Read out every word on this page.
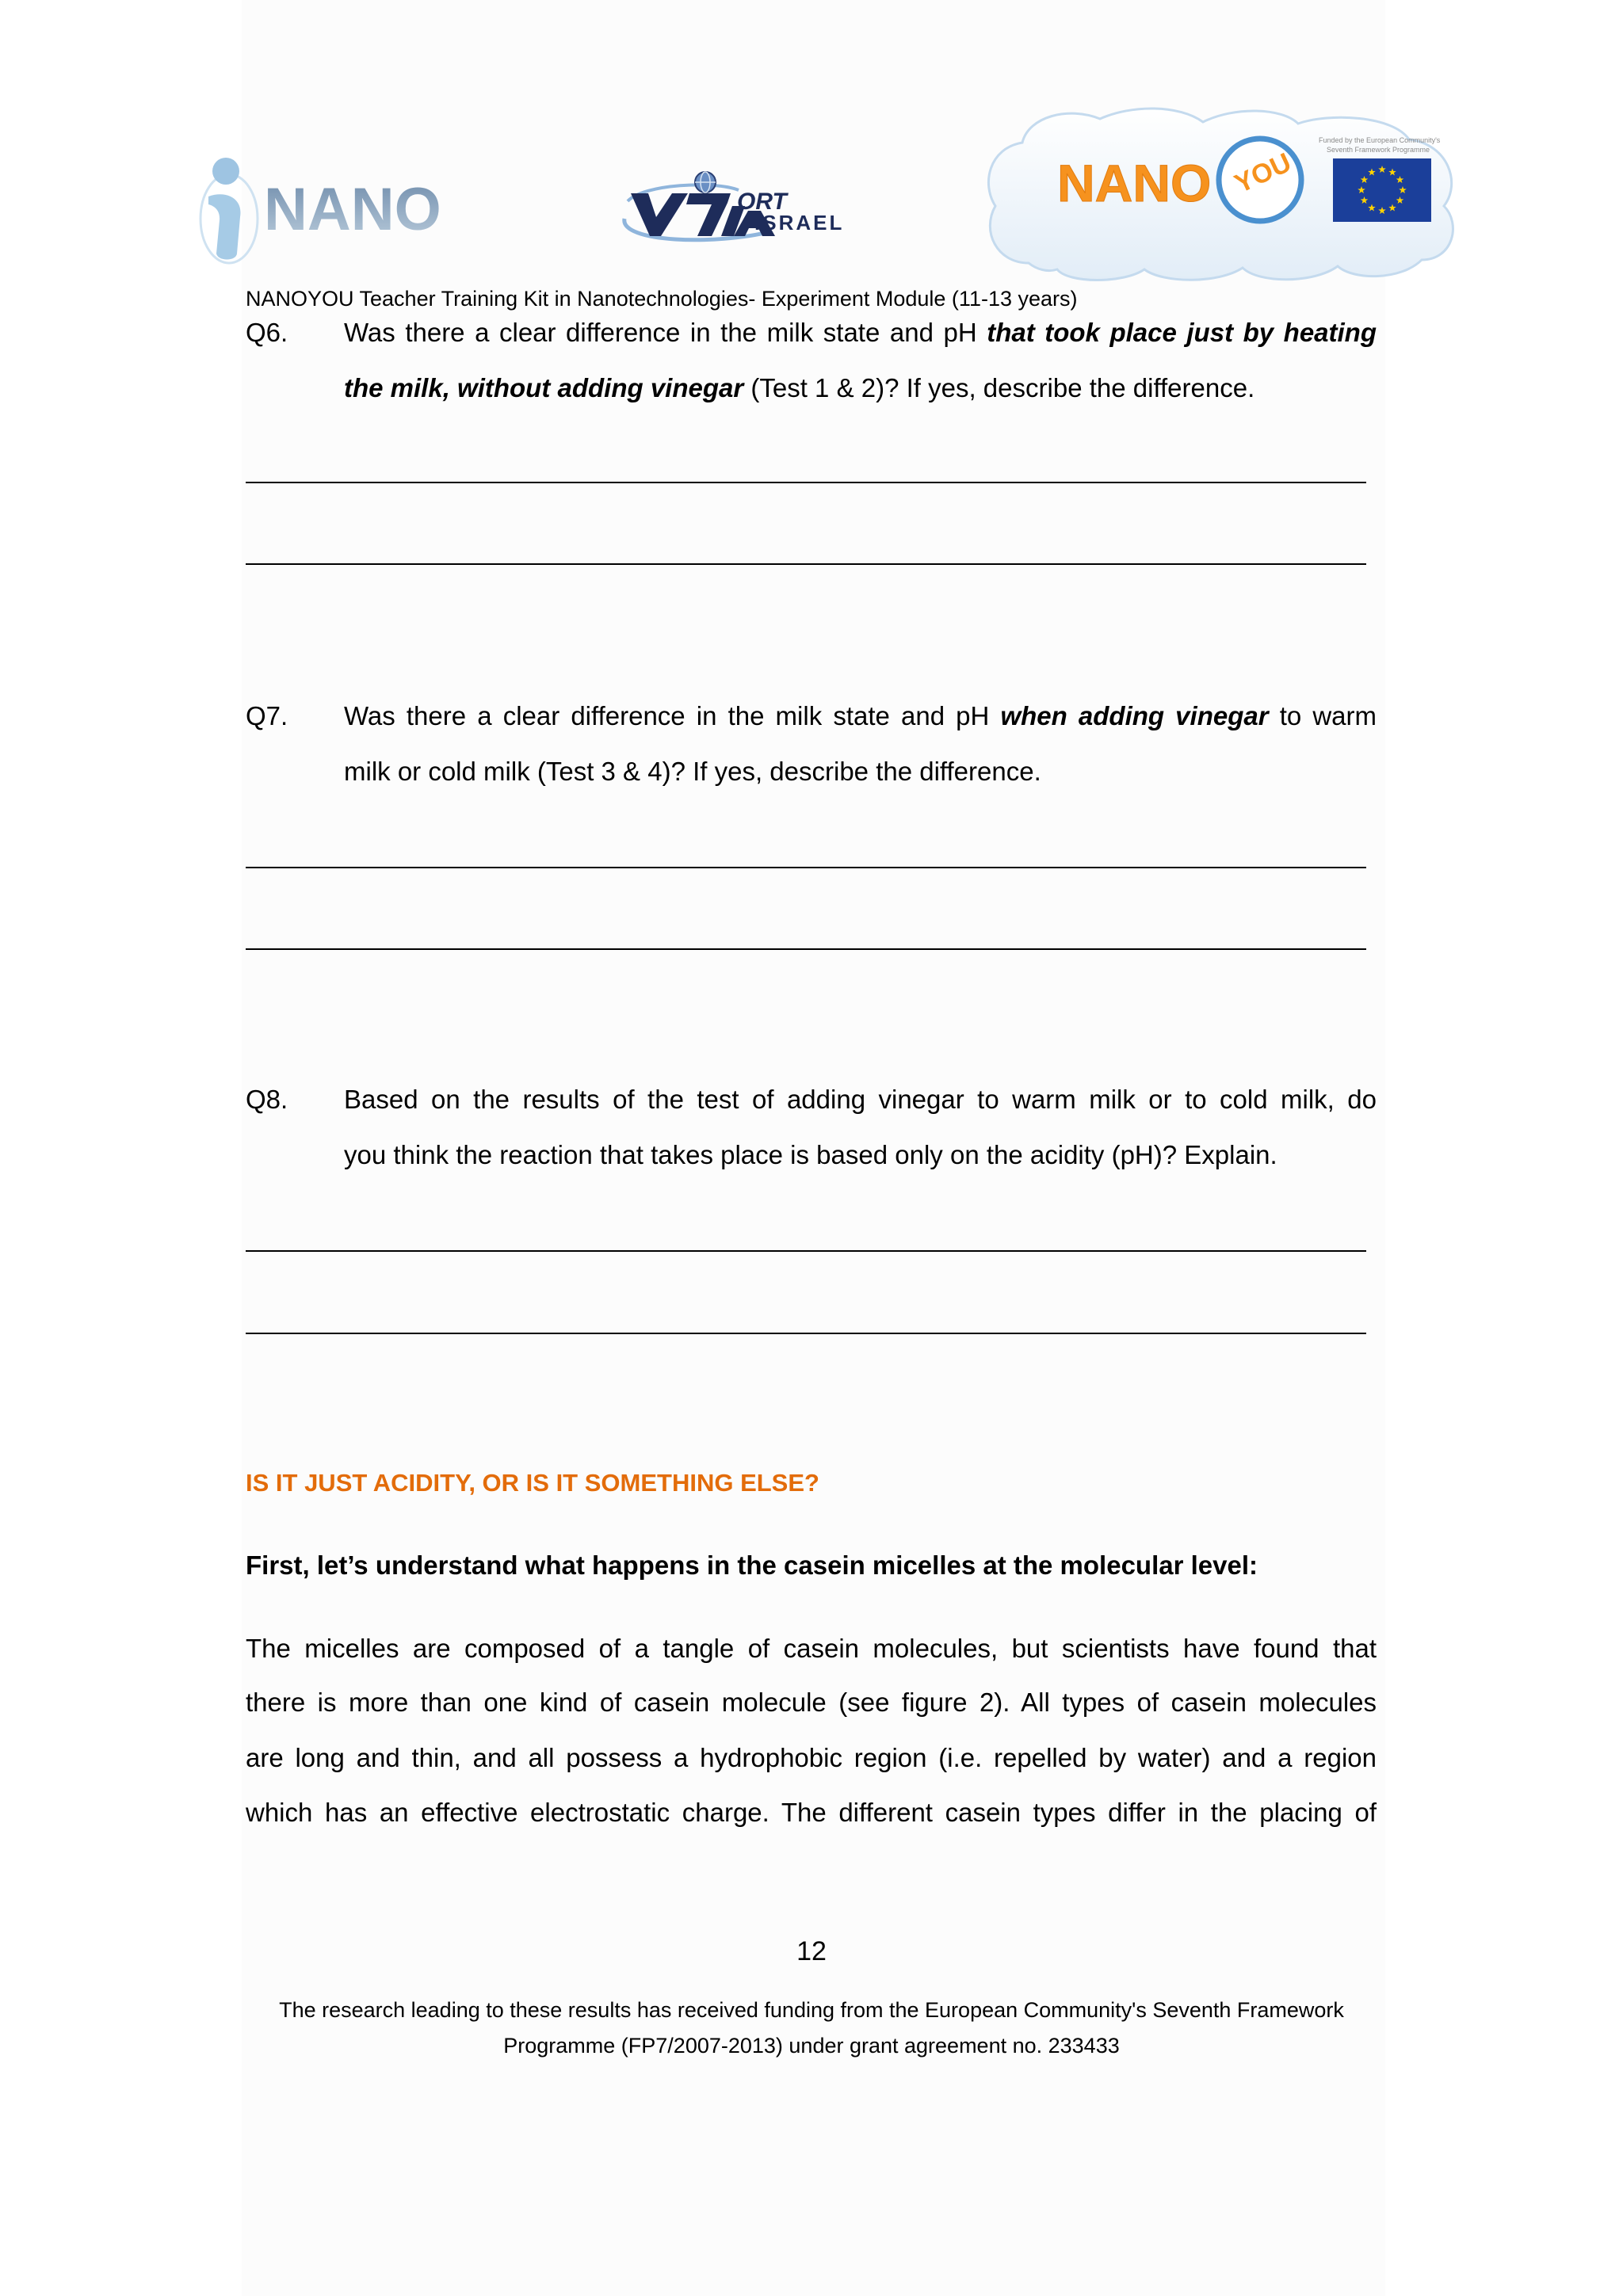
NANO	ORT
ISRAEL
NANO YOU
Funded by the European Community's
Seventh Framework Programme
NANOYOU Teacher Training Kit in Nanotechnologies- Experiment Module (11-13 years)
Q6. Was there a clear difference in the milk state and pH that took place just by heating
the milk, without adding vinegar (Test 1 & 2)? If yes, describe the difference.
Q7. Was there a clear difference in the milk state and pH when adding vinegar to warm
milk or cold milk (Test 3 & 4)? If yes, describe the difference.
Q8. Based on the results of the test of adding vinegar to warm milk or to cold milk, do
you think the reaction that takes place is based only on the acidity (pH)? Explain.
IS IT JUST ACIDITY, OR IS IT SOMETHING ELSE?
First, let’s understand what happens in the casein micelles at the molecular level:
The micelles are composed of a tangle of casein molecules, but scientists have found that
there is more than one kind of casein molecule (see figure 2). All types of casein molecules
are long and thin, and all possess a hydrophobic region (i.e. repelled by water) and a region
which has an effective electrostatic charge. The different casein types differ in the placing of
12
The research leading to these results has received funding from the European Community's Seventh Framework
Programme (FP7/2007-2013) under grant agreement no. 233433
